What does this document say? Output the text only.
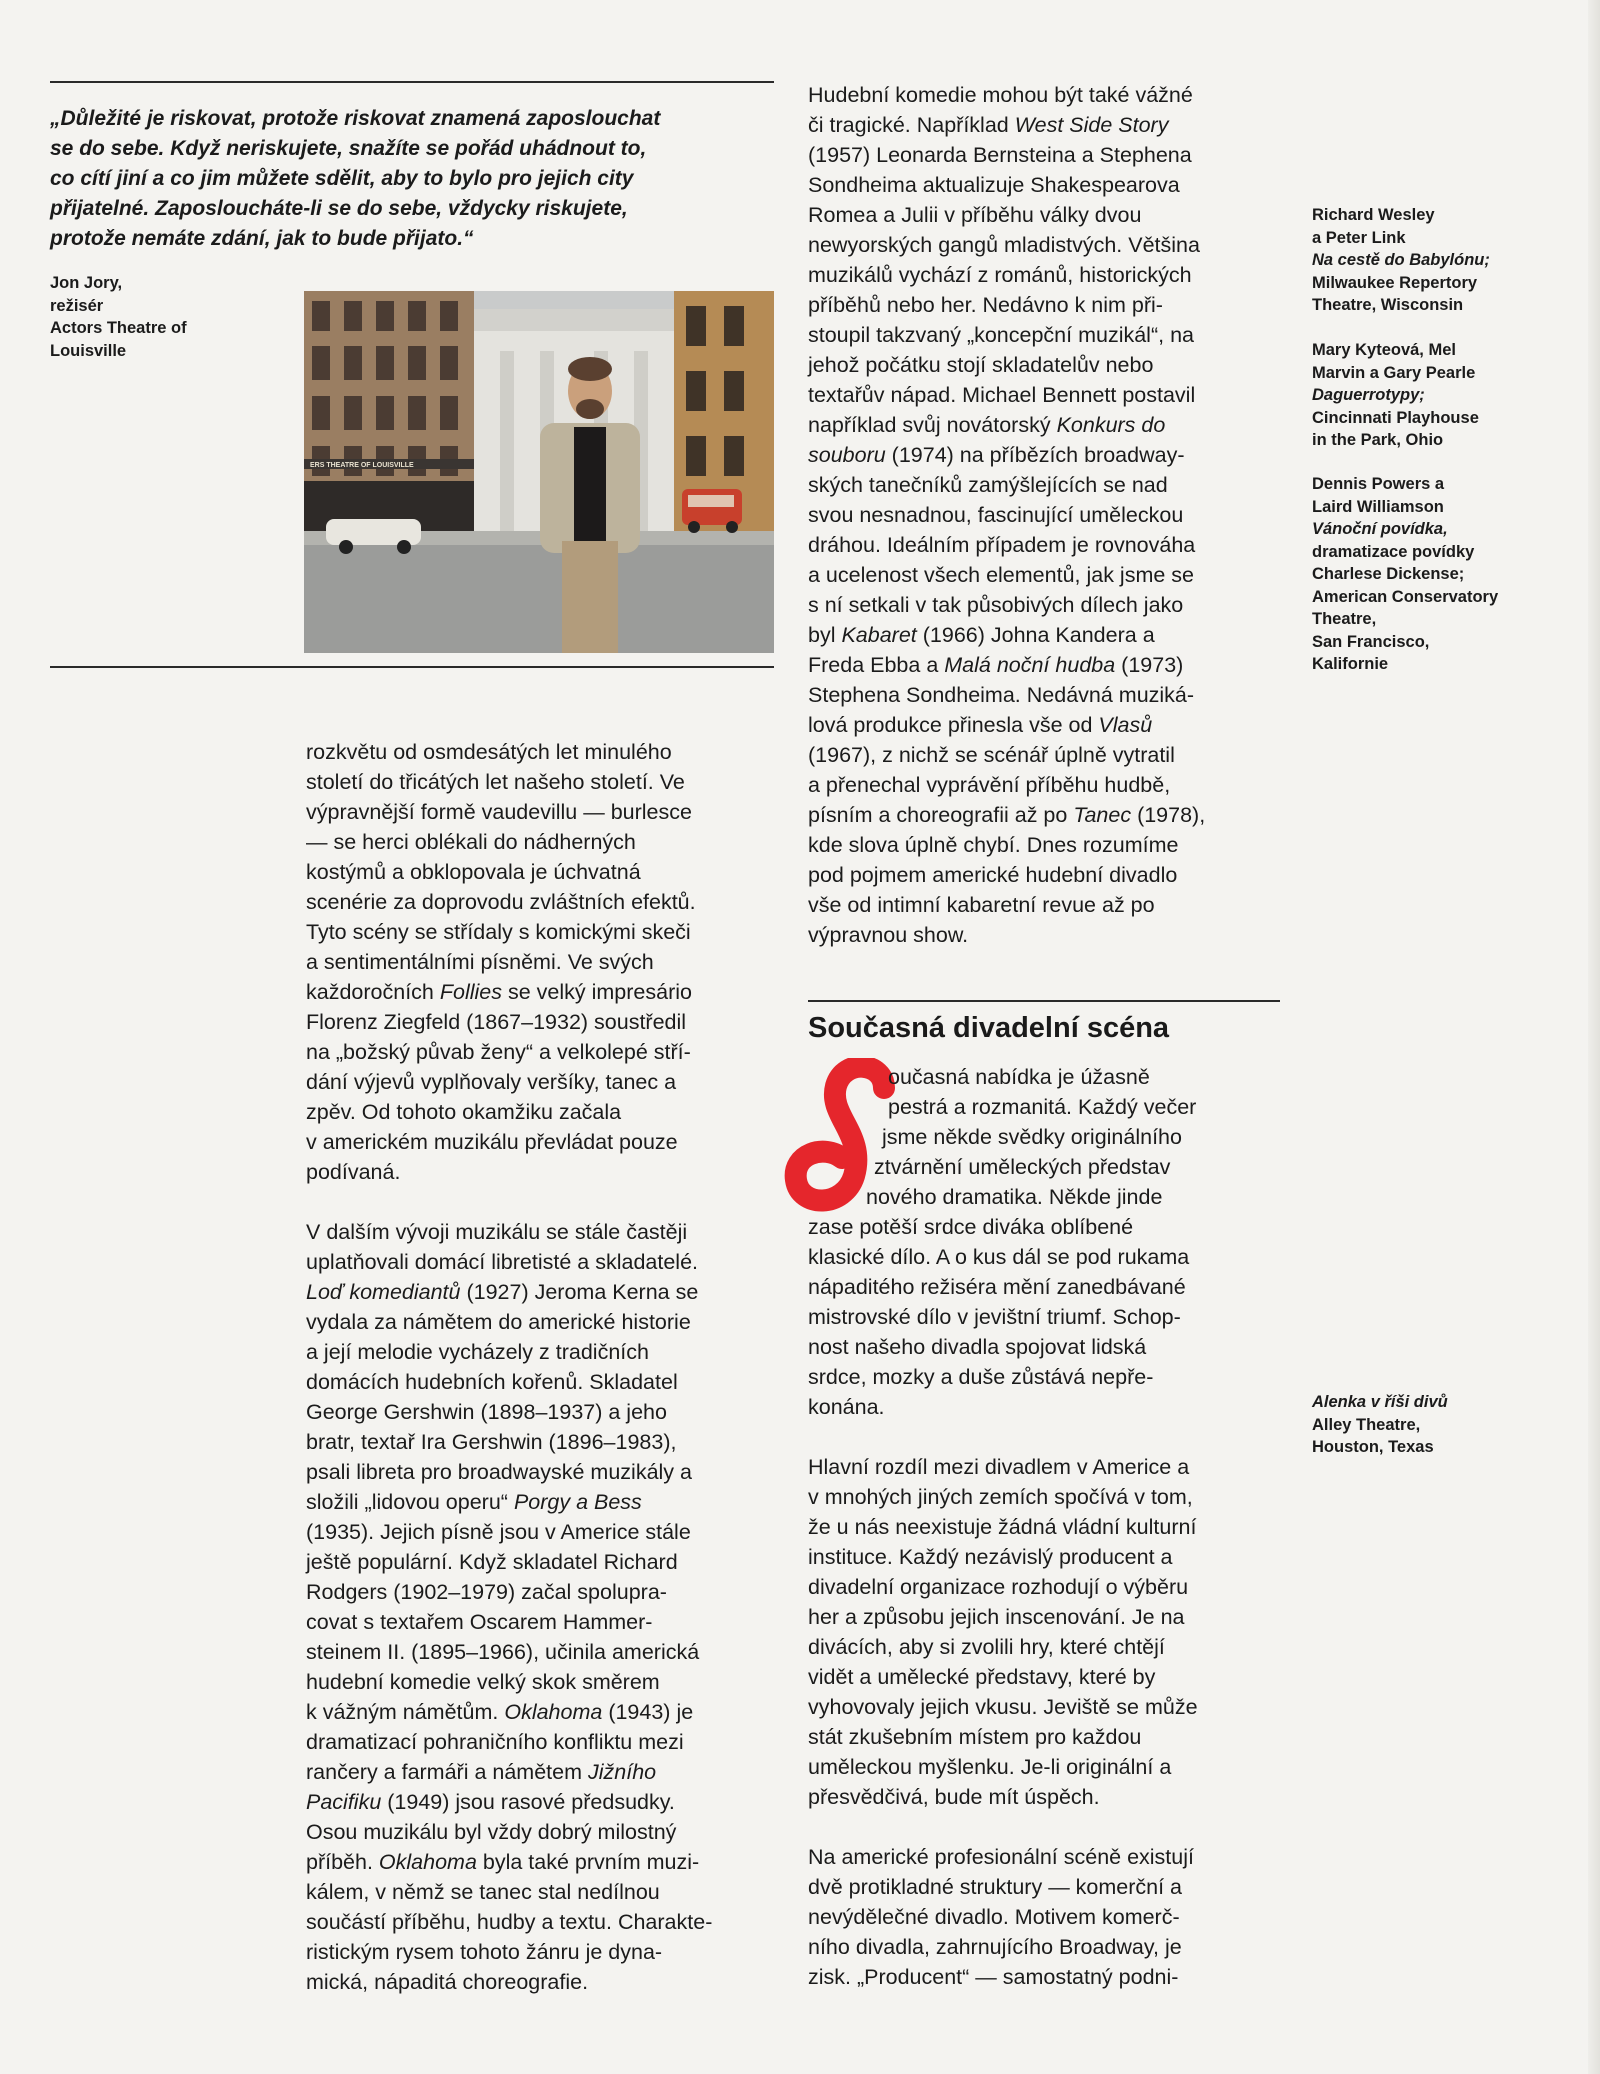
„Důležité je riskovat, protože riskovat znamená zaposlouchat
se do sebe. Když neriskujete, snažíte se pořád uhádnout to,
co cítí jiní a co jim můžete sdělit, aby to bylo pro jejich city
přijatelné. Zaposloucháte-li se do sebe, vždycky riskujete,
protože nemáte zdání, jak to bude přijato.“
Jon Jory,
režisér
Actors Theatre of
Louisville
ERS THEATRE OF LOUISVILLE

rozkvětu od osmdesátých let minulého
století do třicátých let našeho století. Ve
výpravnější formě vaudevillu — burlesce
— se herci oblékali do nádherných
kostýmů a obklopovala je úchvatná
scenérie za doprovodu zvláštních efektů.
Tyto scény se střídaly s komickými skeči
a sentimentálními písněmi. Ve svých
každoročních Follies se velký impresário
Florenz Ziegfeld (1867–1932) soustředil
na „božský půvab ženy“ a velkolepé stří-
dání výjevů vyplňovaly veršíky, tanec a
zpěv. Od tohoto okamžiku začala
v americkém muzikálu převládat pouze
podívaná.

V dalším vývoji muzikálu se stále častěji
uplatňovali domácí libretisté a skladatelé.
Loď komediantů (1927) Jeroma Kerna se
vydala za námětem do americké historie
a její melodie vycházely z tradičních
domácích hudebních kořenů. Skladatel
George Gershwin (1898–1937) a jeho
bratr, textař Ira Gershwin (1896–1983),
psali libreta pro broadwayské muzikály a
složili „lidovou operu“ Porgy a Bess
(1935). Jejich písně jsou v Americe stále
ještě populární. Když skladatel Richard
Rodgers (1902–1979) začal spolupra-
covat s textařem Oscarem Hammer-
steinem II. (1895–1966), učinila americká
hudební komedie velký skok směrem
k vážným námětům. Oklahoma (1943) je
dramatizací pohraničního konfliktu mezi
rančery a farmáři a námětem Jižního
Pacifiku (1949) jsou rasové předsudky.
Osou muzikálu byl vždy dobrý milostný
příběh. Oklahoma byla také prvním muzi-
kálem, v němž se tanec stal nedílnou
součástí příběhu, hudby a textu. Charakte-
ristickým rysem tohoto žánru je dyna-
mická, nápaditá choreografie.

Hudební komedie mohou být také vážné
či tragické. Například West Side Story
(1957) Leonarda Bernsteina a Stephena
Sondheima aktualizuje Shakespearova
Romea a Julii v příběhu války dvou
newyorských gangů mladistvých. Většina
muzikálů vychází z románů, historických
příběhů nebo her. Nedávno k nim při-
stoupil takzvaný „koncepční muzikál“, na
jehož počátku stojí skladatelův nebo
textařův nápad. Michael Bennett postavil
například svůj novátorský Konkurs do
souboru (1974) na příbězích broadway-
ských tanečníků zamýšlejících se nad
svou nesnadnou, fascinující uměleckou
dráhou. Ideálním případem je rovnováha
a ucelenost všech elementů, jak jsme se
s ní setkali v tak působivých dílech jako
byl Kabaret (1966) Johna Kandera a
Freda Ebba a Malá noční hudba (1973)
Stephena Sondheima. Nedávná muziká-
lová produkce přinesla vše od Vlasů
(1967), z nichž se scénář úplně vytratil
a přenechal vyprávění příběhu hudbě,
písním a choreografii až po Tanec (1978),
kde slova úplně chybí. Dnes rozumíme
pod pojmem americké hudební divadlo
vše od intimní kabaretní revue až po
výpravnou show.

Současná divadelní scéna

oučasná nabídka je úžasně
pestrá a rozmanitá. Každý večer
jsme někde svědky originálního
ztvárnění uměleckých představ
nového dramatika. Někde jinde

zase potěší srdce diváka oblíbené
klasické dílo. A o kus dál se pod rukama
nápaditého režiséra mění zanedbávané
mistrovské dílo v jevištní triumf. Schop-
nost našeho divadla spojovat lidská
srdce, mozky a duše zůstává nepře-
konána.

Hlavní rozdíl mezi divadlem v Americe a
v mnohých jiných zemích spočívá v tom,
že u nás neexistuje žádná vládní kulturní
instituce. Každý nezávislý producent a
divadelní organizace rozhodují o výběru
her a způsobu jejich inscenování. Je na
divácích, aby si zvolili hry, které chtějí
vidět a umělecké představy, které by
vyhovovaly jejich vkusu. Jeviště se může
stát zkušebním místem pro každou
uměleckou myšlenku. Je-li originální a
přesvědčivá, bude mít úspěch.

Na americké profesionální scéně existují
dvě protikladné struktury — komerční a
nevýdělečné divadlo. Motivem komerč-
ního divadla, zahrnujícího Broadway, je
zisk. „Producent“ — samostatný podni-

Richard Wesley
a Peter Link
Na cestě do Babylónu;
Milwaukee Repertory
Theatre, Wisconsin
Mary Kyteová, Mel
Marvin a Gary Pearle
Daguerrotypy;
Cincinnati Playhouse
in the Park, Ohio
Dennis Powers a
Laird Williamson
Vánoční povídka,
dramatizace povídky
Charlese Dickense;
American Conservatory
Theatre,
San Francisco,
Kalifornie
Alenka v říši divů
Alley Theatre,
Houston, Texas
